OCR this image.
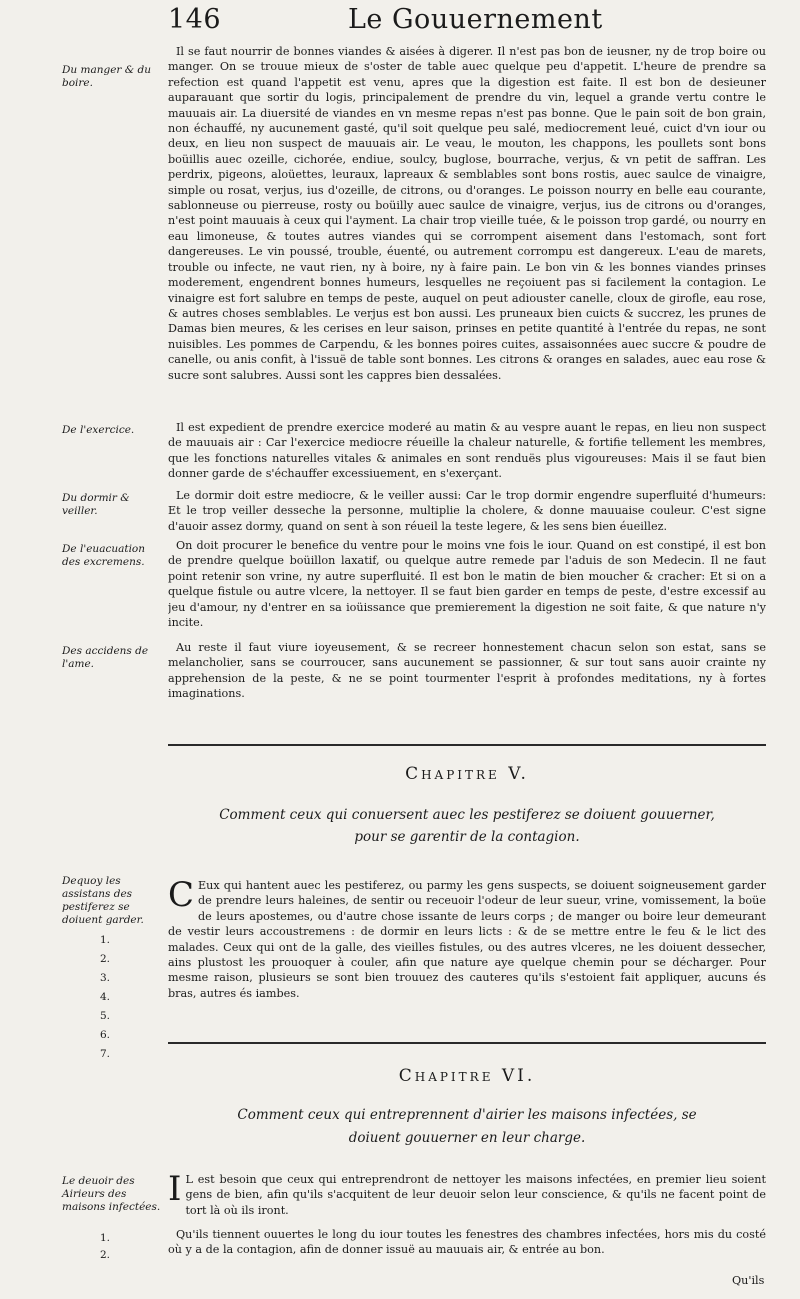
146	Le Gouuernement
Du manger & du boire.
De l'exercice.
Du dormir & veiller.
De l'euacuation des excremens.
Des accidens de l'ame.

Il se faut nourrir de bonnes viandes & aisées à digerer. Il n'est pas bon de ieusner, ny de trop boire ou manger. On se trouue mieux de s'oster de table auec quelque peu d'appetit. L'heure de prendre sa refection est quand l'appetit est venu, apres que la digestion est faite. Il est bon de desieuner auparauant que sortir du logis, principalement de prendre du vin, lequel a grande vertu contre le mauuais air. La diuersité de viandes en vn mesme repas n'est pas bonne. Que le pain soit de bon grain, non échauffé, ny aucunement gasté, qu'il soit quelque peu salé, mediocrement leué, cuict d'vn iour ou deux, en lieu non suspect de mauuais air. Le veau, le mouton, les chappons, les poullets sont bons boüillis auec ozeille, cichorée, endiue, soulcy, buglose, bourrache, verjus, & vn petit de saffran. Les perdrix, pigeons, aloüettes, leuraux, lapreaux & semblables sont bons rostis, auec saulce de vinaigre, simple ou rosat, verjus, ius d'ozeille, de citrons, ou d'oranges. Le poisson nourry en belle eau courante, sablonneuse ou pierreuse, rosty ou boüilly auec saulce de vinaigre, verjus, ius de citrons ou d'oranges, n'est point mauuais à ceux qui l'ayment. La chair trop vieille tuée, & le poisson trop gardé, ou nourry en eau limoneuse, & toutes autres viandes qui se corrompent aisement dans l'estomach, sont fort dangereuses. Le vin poussé, trouble, éuenté, ou autrement corrompu est dangereux. L'eau de marets, trouble ou infecte, ne vaut rien, ny à boire, ny à faire pain. Le bon vin & les bonnes viandes prinses moderement, engendrent bonnes humeurs, lesquelles ne reçoiuent pas si facilement la contagion. Le vinaigre est fort salubre en temps de peste, auquel on peut adiouster canelle, cloux de girofle, eau rose, & autres choses semblables. Le verjus est bon aussi. Les pruneaux bien cuicts & succrez, les prunes de Damas bien meures, & les cerises en leur saison, prinses en petite quantité à l'entrée du repas, ne sont nuisibles. Les pommes de Carpendu, & les bonnes poires cuites, assaisonnées auec succre & poudre de canelle, ou anis confit, à l'issuë de table sont bonnes. Les citrons & oranges en salades, auec eau rose & sucre sont salubres. Aussi sont les cappres bien dessalées.

Il est expedient de prendre exercice moderé au matin & au vespre auant le repas, en lieu non suspect de mauuais air : Car l'exercice mediocre réueille la chaleur naturelle, & fortifie tellement les membres, que les fonctions naturelles vitales & animales en sont renduës plus vigoureuses: Mais il se faut bien donner garde de s'échauffer excessiuement, en s'exerçant.

Le dormir doit estre mediocre, & le veiller aussi: Car le trop dormir engendre superfluité d'humeurs: Et le trop veiller desseche la personne, multiplie la cholere, & donne mauuaise couleur. C'est signe d'auoir assez dormy, quand on sent à son réueil la teste legere, & les sens bien éueillez.

On doit procurer le benefice du ventre pour le moins vne fois le iour. Quand on est constipé, il est bon de prendre quelque boüillon laxatif, ou quelque autre remede par l'aduis de son Medecin. Il ne faut point retenir son vrine, ny autre superfluité. Il est bon le matin de bien moucher & cracher: Et si on a quelque fistule ou autre vlcere, la nettoyer. Il se faut bien garder en temps de peste, d'estre excessif au jeu d'amour, ny d'entrer en sa ioüissance que premierement la digestion ne soit faite, & que nature n'y incite.

Au reste il faut viure ioyeusement, & se recreer honnestement chacun selon son estat, sans se melancholier, sans se courroucer, sans aucunement se passionner, & sur tout sans auoir crainte ny apprehension de la peste, & ne se point tourmenter l'esprit à profondes meditations, ny à fortes imaginations.

Chapitre V.
Comment ceux qui conuersent auec les pestiferez se doiuent gouuerner,
pour se garentir de la contagion.
Dequoy les assistans des pestiferez se doiuent garder.
1.
2.
3.
4.
5.
6.
7.
C Eux qui hantent auec les pestiferez, ou parmy les gens suspects, se doiuent soigneusement garder de prendre leurs haleines, de sentir ou receuoir l'odeur de leur sueur, vrine, vomissement, la boüe de leurs apostemes, ou d'autre chose issante de leurs corps ; de manger ou boire leur demeurant de vestir leurs accoustremens : de dormir en leurs licts : & de se mettre entre le feu & le lict des malades. Ceux qui ont de la galle, des vieilles fistules, ou des autres vlceres, ne les doiuent dessecher, ains plustost les prouoquer à couler, afin que nature aye quelque chemin pour se décharger. Pour mesme raison, plusieurs se sont bien trouuez des cauteres qu'ils s'estoient fait appliquer, aucuns és bras, autres és iambes.
Chapitre VI.
Comment ceux qui entreprennent d'airier les maisons infectées, se
doiuent gouuerner en leur charge.
Le deuoir des Airieurs des maisons infectées.
1.
2.
I L est besoin que ceux qui entreprendront de nettoyer les maisons infectées, en premier lieu soient gens de bien, afin qu'ils s'acquitent de leur deuoir selon leur conscience, & qu'ils ne facent point de tort là où ils iront.

Qu'ils tiennent ouuertes le long du iour toutes les fenestres des chambres infectées, hors mis du costé où y a de la contagion, afin de donner issuë au mauuais air, & entrée au bon.

Qu'ils
